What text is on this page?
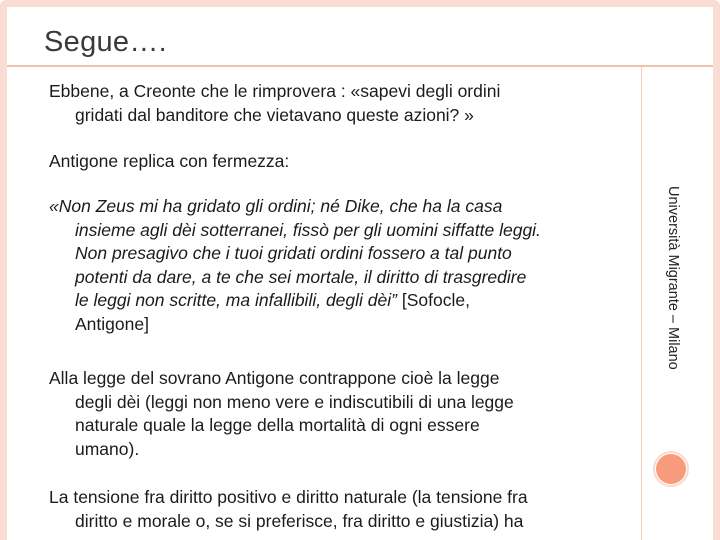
Segue….
Università Migrante – Milano

Ebbene, a Creonte che le rimprovera : «sapevi degli ordini
gridati dal banditore che vietavano queste azioni? »

Antigone replica con fermezza:

«Non Zeus mi ha gridato gli ordini; né Dike, che ha la casa
insieme agli dèi sotterranei, fissò per gli uomini siffatte leggi.
Non presagivo che i tuoi gridati ordini fossero a tal punto
potenti da dare, a te che sei mortale, il diritto di trasgredire
le leggi non scritte, ma infallibili, degli dèi” [Sofocle,
Antigone]

Alla legge del sovrano Antigone contrappone cioè la legge
degli dèi (leggi non meno vere e indiscutibili di una legge
naturale quale la legge della mortalità di ogni essere
umano).

La tensione fra diritto positivo e diritto naturale (la tensione fra
diritto e morale o, se si preferisce, fra diritto e giustizia) ha
